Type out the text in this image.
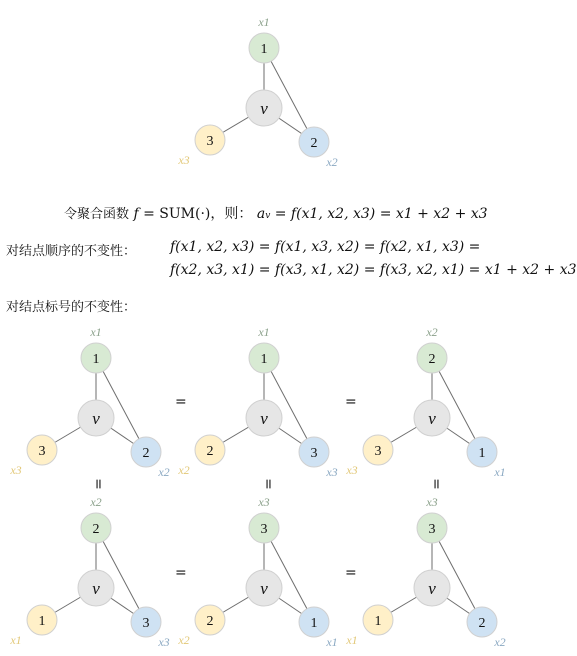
1
v
2
3
x1
x2
x3
令聚合函数 f = SUM(·)，则： av = f(x1, x2, x3) = x1 + x2 + x3
对结点顺序的不变性： f(x1, x2, x3) = f(x1, x3, x2) = f(x2, x1, x3) =
f(x2, x3, x1) = f(x3, x1, x2) = f(x3, x2, x1) = x1 + x2 + x3
对结点标号的不变性：
1
v
2
3
x1
x2
x3
1
v
3
2
x1
x3
x2
2
v
1
3
x2
x1
x3
2
v
3
1
x2
x3
x1
3
v
1
2
x3
x1
x2
3
v
2
1
x3
x2
x1
=	=
=	=
=	=	=
